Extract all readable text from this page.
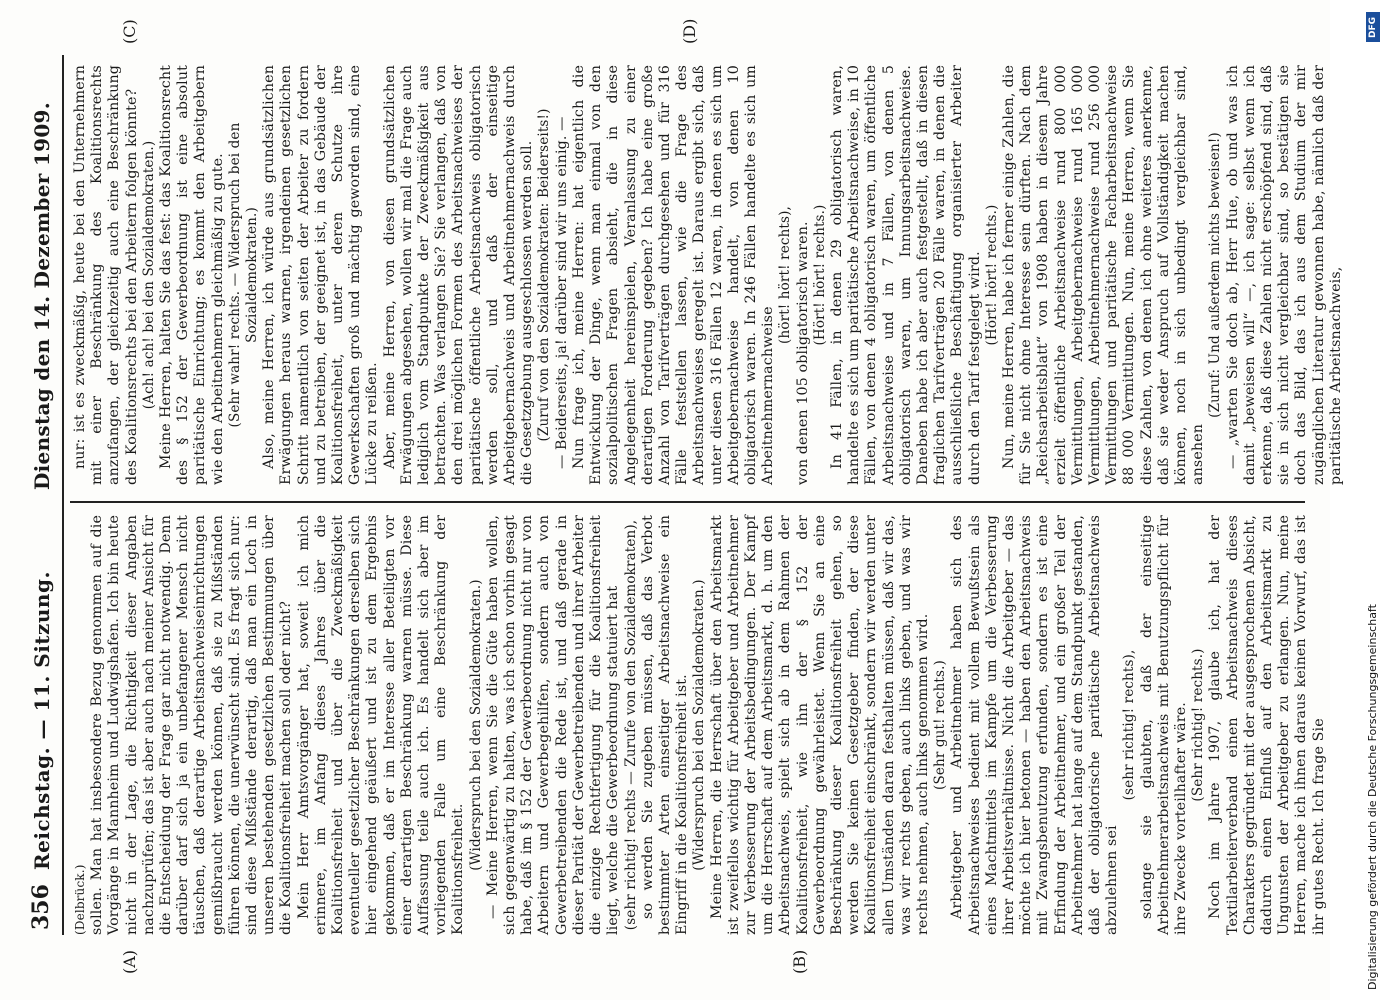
356
Reichstag. — 11. Sitzung.
Dienstag den 14. Dezember 1909.
(A)	(B)
(C)	(D)

(Delbrück.) sollen. Man hat insbesondere Bezug genommen auf die Vorgänge in Mannheim und Ludwigshafen. Ich bin heute nicht in der Lage, die Richtigkeit dieser Angaben nachzuprüfen; das ist aber auch nach meiner Ansicht für die Entscheidung der Frage gar nicht notwendig. Denn darüber darf sich ja ein unbefangener Mensch nicht täuschen, daß derartige Arbeitsnachweiseinrichtungen gemißbraucht werden können, daß sie zu Mißständen führen können, die unerwünscht sind. Es fragt sich nur: sind diese Mißstände derartig, daß man ein Loch in unseren bestehenden gesetzlichen Bestimmungen über die Koalitionsfreiheit machen soll oder nicht? Mein Herr Amtsvorgänger hat, soweit ich mich erinnere, im Anfang dieses Jahres über die Koalitionsfreiheit und über die Zweckmäßigkeit eventueller gesetzlicher Beschränkungen derselben sich hier eingehend geäußert und ist zu dem Ergebnis gekommen, daß er im Interesse aller Beteiligten vor einer derartigen Beschränkung warnen müsse. Diese Auffassung teile auch ich. Es handelt sich aber im vorliegenden Falle um eine Beschränkung der Koalitionsfreiheit. (Widerspruch bei den Sozialdemokraten.) — Meine Herren, wenn Sie die Güte haben wollen, sich gegenwärtig zu halten, was ich schon vorhin gesagt habe, daß im § 152 der Gewerbeordnung nicht nur von Arbeitern und Gewerbegehilfen, sondern auch von Gewerbetreibenden die Rede ist, und daß gerade in dieser Parität der Gewerbetreibenden und ihrer Arbeiter die einzige Rechtfertigung für die Koalitionsfreiheit liegt, welche die Gewerbeordnung statuiert hat (sehr richtig! rechts — Zurufe von den Sozialdemokraten), so werden Sie zugeben müssen, daß das Verbot bestimmter Arten einseitiger Arbeitsnachweise ein Eingriff in die Koalitionsfreiheit ist. (Widerspruch bei den Sozialdemokraten.) Meine Herren, die Herrschaft über den Arbeitsmarkt ist zweifellos wichtig für Arbeitgeber und Arbeitnehmer zur Verbesserung der Arbeitsbedingungen. Der Kampf um die Herrschaft auf dem Arbeitsmarkt, d. h. um den Arbeitsnachweis, spielt sich ab in dem Rahmen der Koalitionsfreiheit, wie ihn der § 152 der Gewerbeordnung gewährleistet. Wenn Sie an eine Beschränkung dieser Koalitionsfreiheit gehen, so werden Sie keinen Gesetzgeber finden, der diese Koalitionsfreiheit einschränkt, sondern wir werden unter allen Umständen daran festhalten müssen, daß wir das, was wir rechts geben, auch links geben, und was wir rechts nehmen, auch links genommen wird. (Sehr gut! rechts.) Arbeitgeber und Arbeitnehmer haben sich des Arbeitsnachweises bedient mit vollem Bewußtsein als eines Machtmittels im Kampfe um die Verbesserung ihrer Arbeitsverhältnisse. Nicht die Arbeitgeber — das möchte ich hier betonen — haben den Arbeitsnachweis mit Zwangsbenutzung erfunden, sondern es ist eine Erfindung der Arbeitnehmer, und ein großer Teil der Arbeitnehmer hat lange auf dem Standpunkt gestanden, daß der obligatorische paritätische Arbeitsnachweis abzulehnen sei

(sehr richtig! rechts), solange sie glaubten, daß der einseitige Arbeitnehmerarbeitsnachweis mit Benutzungspflicht für ihre Zwecke vorteilhafter wäre. (Sehr richtig! rechts.) Noch im Jahre 1907, glaube ich, hat der Textilarbeiterverband einen Arbeitsnachweis dieses Charakters gegründet mit der ausgesprochenen Absicht, dadurch einen Einfluß auf den Arbeitsmarkt zu Ungunsten der Arbeitgeber zu erlangen. Nun, meine Herren, mache ich ihnen daraus keinen Vorwurf, das ist ihr gutes Recht. Ich frage Sie

nur: ist es zweckmäßig, heute bei den Unternehmern mit einer Beschränkung des Koalitionsrechts anzufangen, der gleichzeitig auch eine Beschränkung des Koalitionsrechts bei den Arbeitern folgen könnte? (Ach! ach! bei den Sozialdemokraten.) Meine Herren, halten Sie das fest: das Koalitionsrecht des § 152 der Gewerbeordnung ist eine absolut paritätische Einrichtung; es kommt den Arbeitgebern wie den Arbeitnehmern gleichmäßig zu gute. (Sehr wahr! rechts. — Widerspruch bei den Sozialdemokraten.) Also, meine Herren, ich würde aus grundsätzlichen Erwägungen heraus warnen, irgendeinen gesetzlichen Schritt namentlich von seiten der Arbeiter zu fordern und zu betreiben, der geeignet ist, in das Gebäude der Koalitionsfreiheit, unter deren Schutze ihre Gewerkschaften groß und mächtig geworden sind, eine Lücke zu reißen. Aber, meine Herren, von diesen grundsätzlichen Erwägungen abgesehen, wollen wir mal die Frage auch lediglich vom Standpunkte der Zweckmäßigkeit aus betrachten. Was verlangen Sie? Sie verlangen, daß von den drei möglichen Formen des Arbeitsnachweises der paritätische öffentliche Arbeitsnachweis obligatorisch werden soll, und daß der einseitige Arbeitgebernachweis und Arbeitnehmernachweis durch die Gesetzgebung ausgeschlossen werden soll. (Zuruf von den Sozialdemokraten: Beiderseits!) — Beiderseits, ja! darüber sind wir uns einig. — Nun frage ich, meine Herren: hat eigentlich die Entwicklung der Dinge, wenn man einmal von den sozialpolitischen Fragen absieht, die in diese Angelegenheit hereinspielen, Veranlassung zu einer derartigen Forderung gegeben? Ich habe eine große Anzahl von Tarifverträgen durchgesehen und für 316 Fälle feststellen lassen, wie die Frage des Arbeitsnachweises geregelt ist. Daraus ergibt sich, daß unter diesen 316 Fällen 12 waren, in denen es sich um Arbeitgebernachweise handelt, von denen 10 obligatorisch waren. In 246 Fällen handelte es sich um Arbeitnehmernachweise

(hört! hört! rechts), von denen 105 obligatorisch waren. (Hört! hört! rechts.) In 41 Fällen, in denen 29 obligatorisch waren, handelte es sich um paritätische Arbeitsnachweise, in 10 Fällen, von denen 4 obligatorisch waren, um öffentliche Arbeitsnachweise und in 7 Fällen, von denen 5 obligatorisch waren, um Innungsarbeitsnachweise. Daneben habe ich aber auch festgestellt, daß in diesen fraglichen Tarifverträgen 20 Fälle waren, in denen die ausschließliche Beschäftigung organisierter Arbeiter durch den Tarif festgelegt wird. (Hört! hört! rechts.) Nun, meine Herren, habe ich ferner einige Zahlen, die für Sie nicht ohne Interesse sein dürften. Nach dem „Reichsarbeitsblatt“ von 1908 haben in diesem Jahre erzielt öffentliche Arbeitsnachweise rund 800 000 Vermittlungen, Arbeitgebernachweise rund 165 000 Vermittlungen, Arbeitnehmernachweise rund 256 000 Vermittlungen und paritätische Facharbeitsnachweise 88 000 Vermittlungen. Nun, meine Herren, wenn Sie diese Zahlen, von denen ich ohne weiteres anerkenne, daß sie weder Anspruch auf Vollständigkeit machen können, noch in sich unbedingt vergleichbar sind, ansehen

(Zuruf: Und außerdem nichts beweisen!) — „warten Sie doch ab, Herr Hue, ob und was ich damit „beweisen will“ —, ich sage: selbst wenn ich erkenne, daß diese Zahlen nicht erschöpfend sind, daß sie in sich nicht vergleichbar sind, so bestätigen sie doch das Bild, das ich aus dem Studium der mir zugänglichen Literatur gewonnen habe, nämlich daß der paritätische Arbeitsnachweis,

DFG
Digitalisierung gefördert durch die Deutsche Forschungsgemeinschaft
